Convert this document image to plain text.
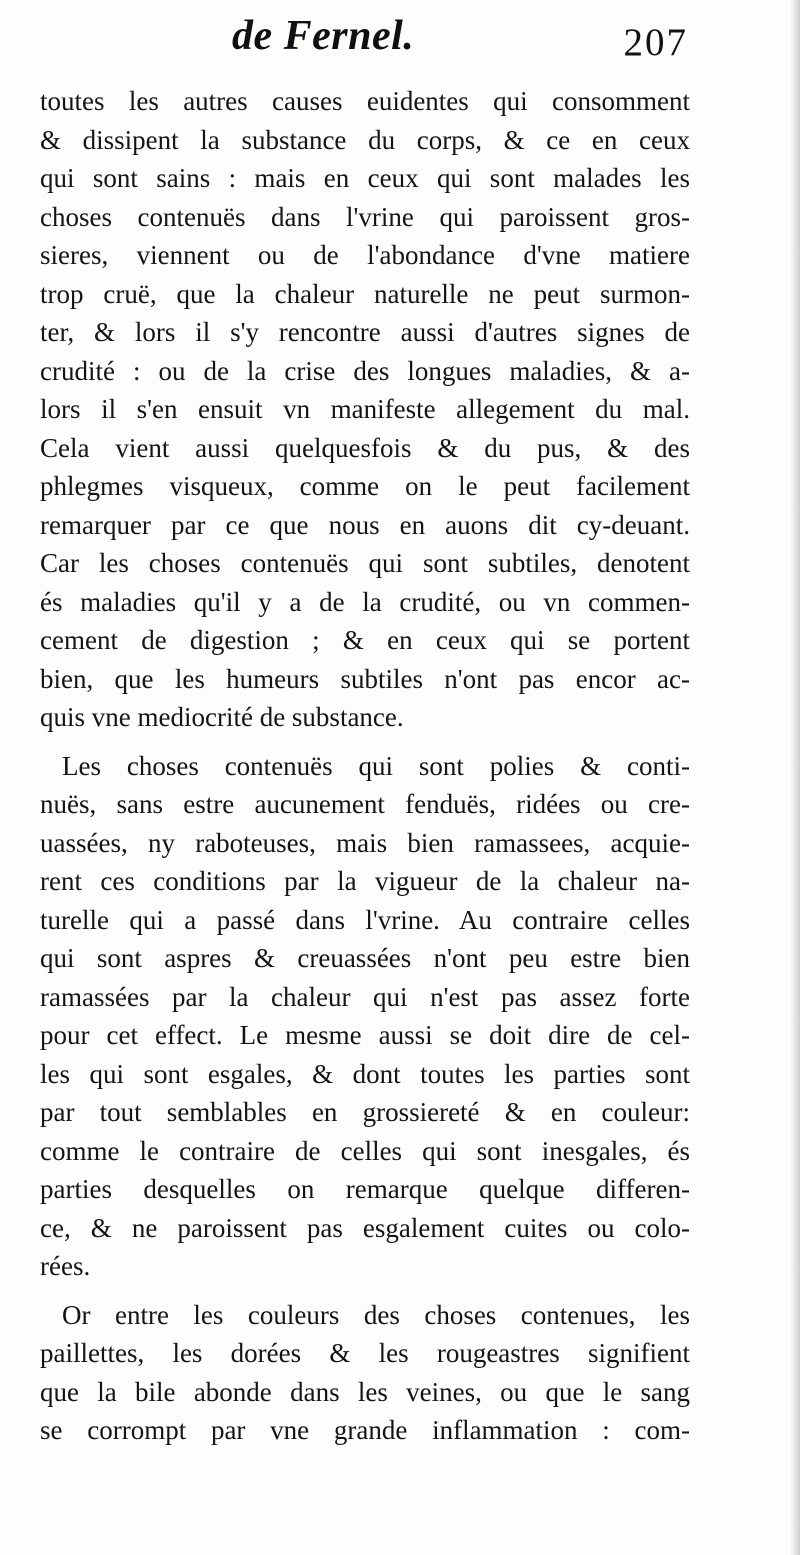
de Fernel.	207
toutes les autres causes euidentes qui consomment
& dissipent la substance du corps, & ce en ceux
qui sont sains : mais en ceux qui sont malades les
choses contenuës dans l'vrine qui paroissent gros-
sieres, viennent ou de l'abondance d'vne matiere
trop cruë, que la chaleur naturelle ne peut surmon-
ter, & lors il s'y rencontre aussi d'autres signes de
crudité : ou de la crise des longues maladies, & a-
lors il s'en ensuit vn manifeste allegement du mal.
Cela vient aussi quelquesfois & du pus, & des
phlegmes visqueux, comme on le peut facilement
remarquer par ce que nous en auons dit cy-deuant.
Car les choses contenuës qui sont subtiles, denotent
és maladies qu'il y a de la crudité, ou vn commen-
cement de digestion ; & en ceux qui se portent
bien, que les humeurs subtiles n'ont pas encor ac-
quis vne mediocrité de substance.
Les choses contenuës qui sont polies & conti-
nuës, sans estre aucunement fenduës, ridées ou cre-
uassées, ny raboteuses, mais bien ramassees, acquie-
rent ces conditions par la vigueur de la chaleur na-
turelle qui a passé dans l'vrine. Au contraire celles
qui sont aspres & creuassées n'ont peu estre bien
ramassées par la chaleur qui n'est pas assez forte
pour cet effect. Le mesme aussi se doit dire de cel-
les qui sont esgales, & dont toutes les parties sont
par tout semblables en grossiereté & en couleur:
comme le contraire de celles qui sont inesgales, és
parties desquelles on remarque quelque differen-
ce, & ne paroissent pas esgalement cuites ou colo-
rées.
Or entre les couleurs des choses contenues, les
paillettes, les dorées & les rougeastres signifient
que la bile abonde dans les veines, ou que le sang
se corrompt par vne grande inflammation : com-
